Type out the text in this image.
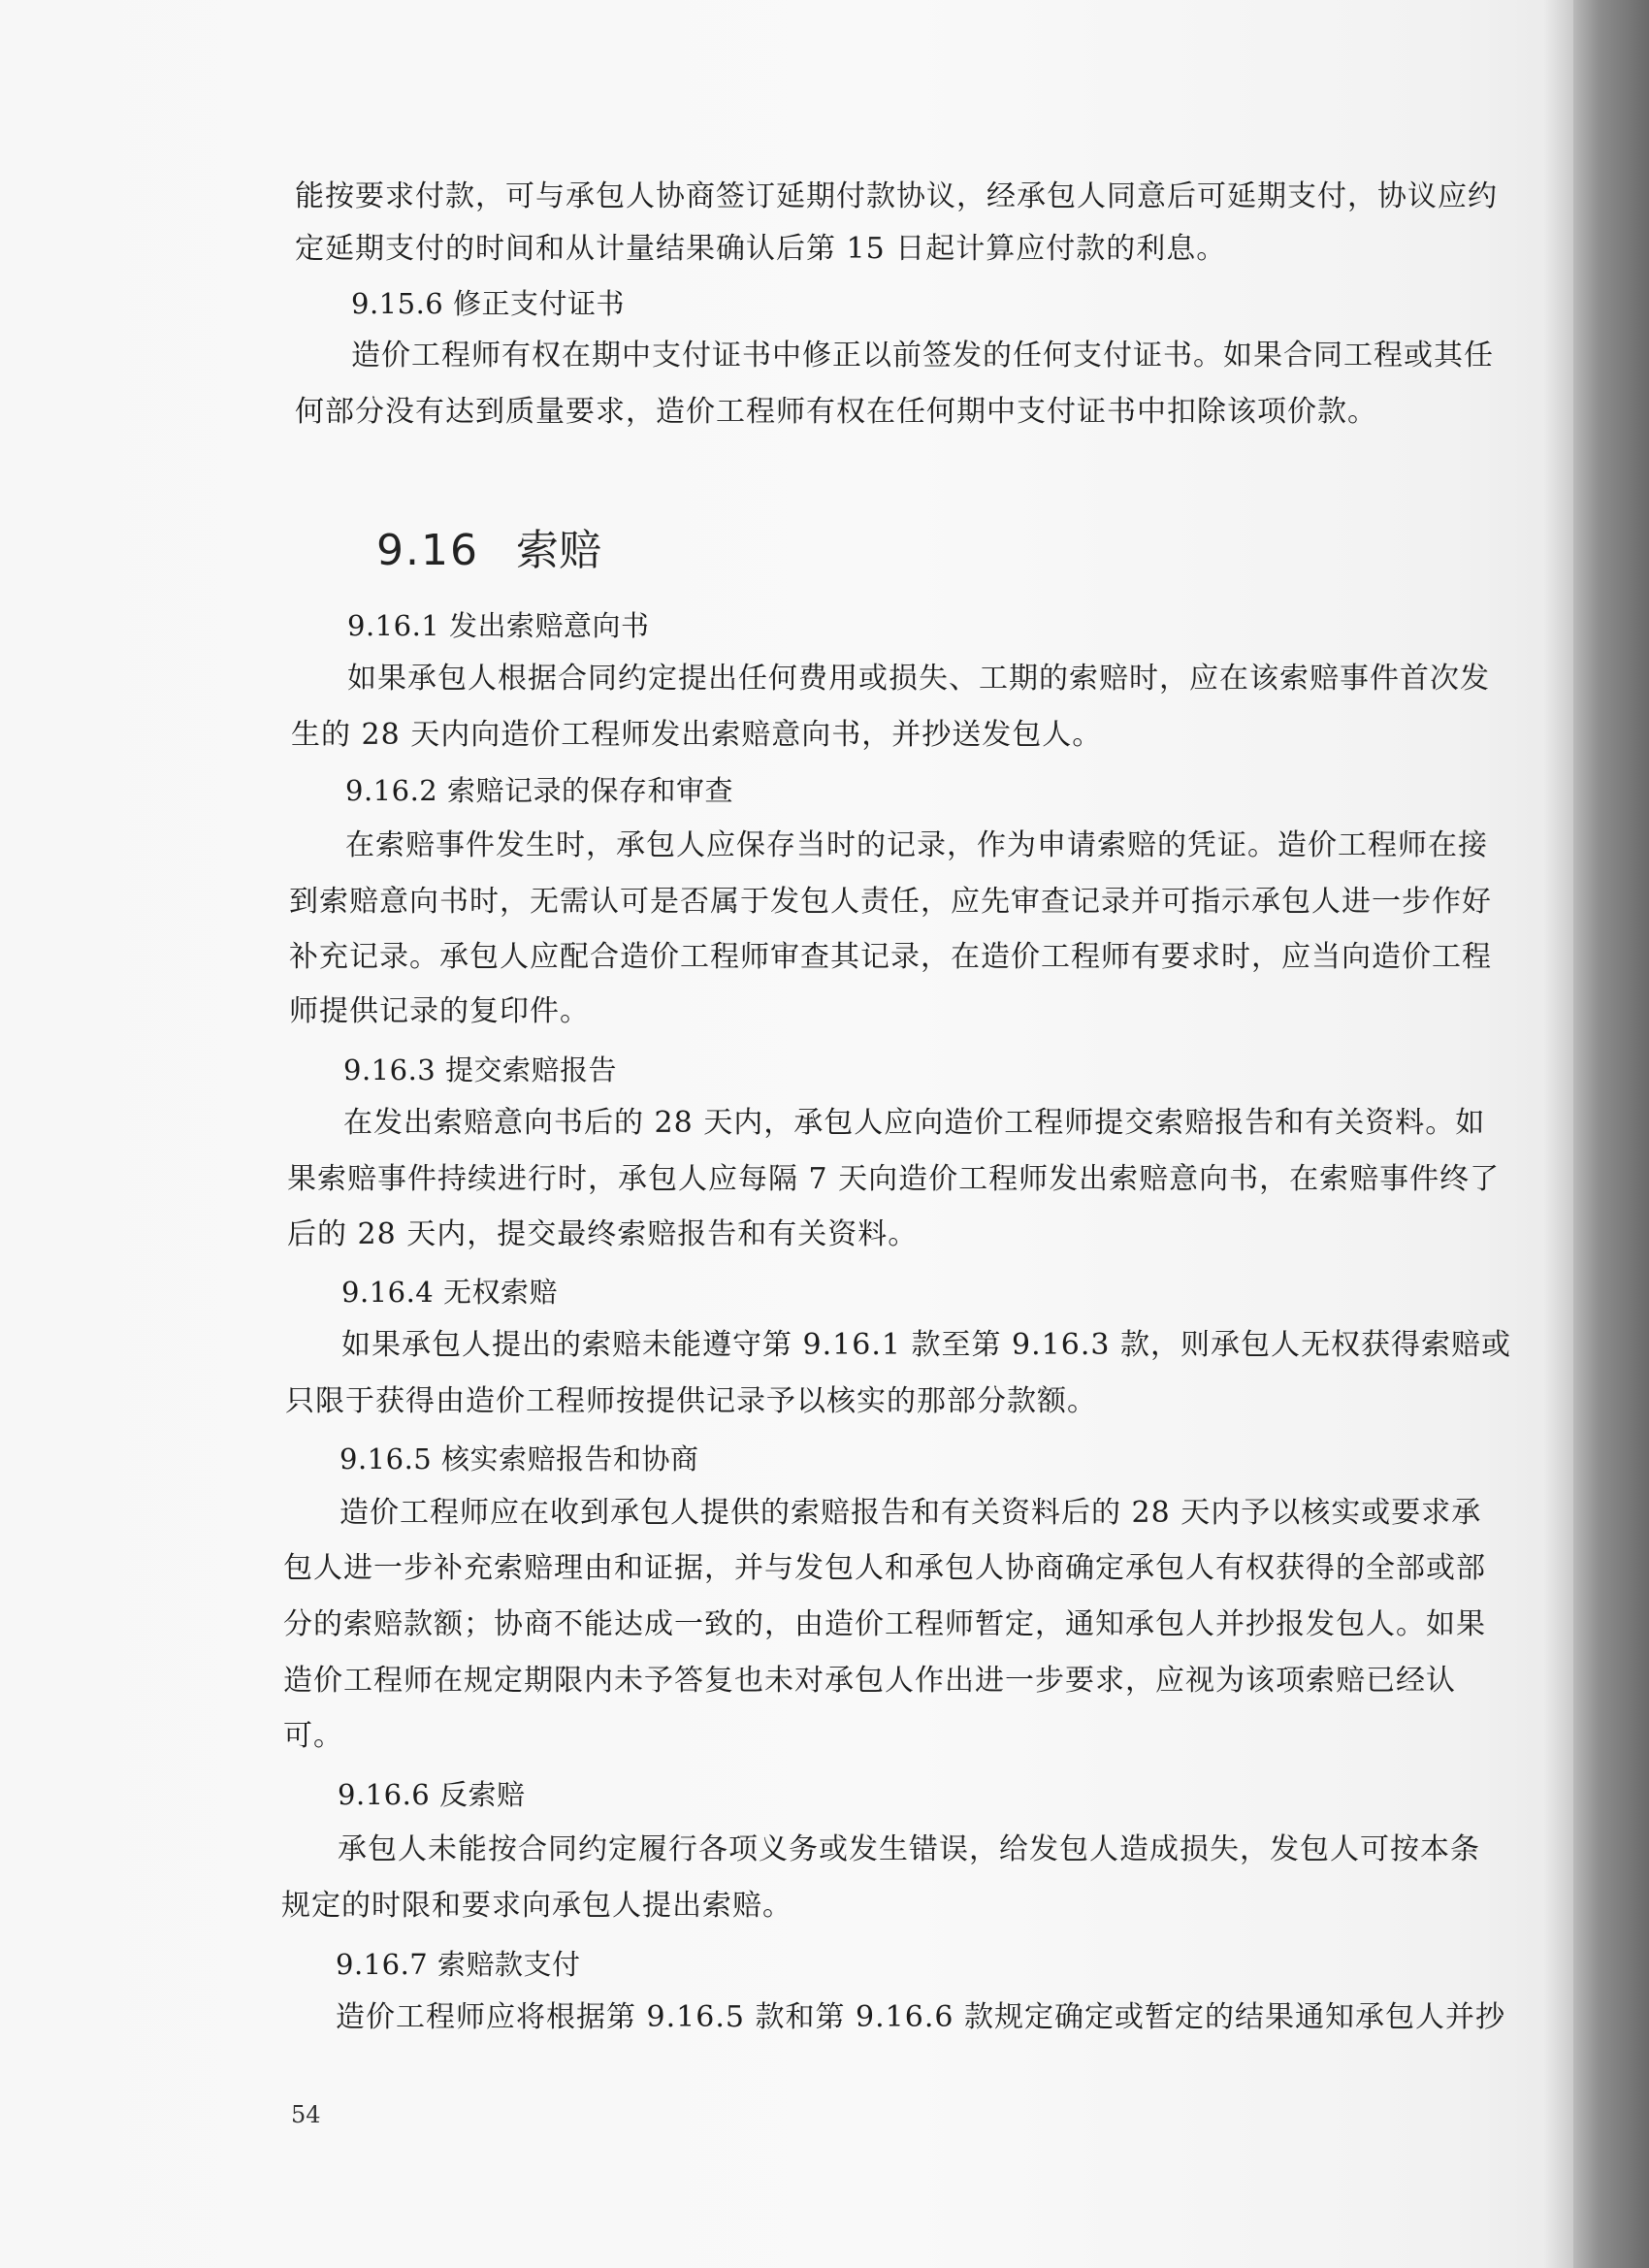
能按要求付款，可与承包人协商签订延期付款协议，经承包人同意后可延期支付，协议应约
定延期支付的时间和从计量结果确认后第 15 日起计算应付款的利息。
9.15.6 修正支付证书
造价工程师有权在期中支付证书中修正以前签发的任何支付证书。如果合同工程或其任
何部分没有达到质量要求，造价工程师有权在任何期中支付证书中扣除该项价款。
9.16 索赔
9.16.1 发出索赔意向书
如果承包人根据合同约定提出任何费用或损失、工期的索赔时，应在该索赔事件首次发
生的 28 天内向造价工程师发出索赔意向书，并抄送发包人。
9.16.2 索赔记录的保存和审查
在索赔事件发生时，承包人应保存当时的记录，作为申请索赔的凭证。造价工程师在接
到索赔意向书时，无需认可是否属于发包人责任，应先审查记录并可指示承包人进一步作好
补充记录。承包人应配合造价工程师审查其记录，在造价工程师有要求时，应当向造价工程
师提供记录的复印件。
9.16.3 提交索赔报告
在发出索赔意向书后的 28 天内，承包人应向造价工程师提交索赔报告和有关资料。如
果索赔事件持续进行时，承包人应每隔 7 天向造价工程师发出索赔意向书，在索赔事件终了
后的 28 天内，提交最终索赔报告和有关资料。
9.16.4 无权索赔
如果承包人提出的索赔未能遵守第 9.16.1 款至第 9.16.3 款，则承包人无权获得索赔或
只限于获得由造价工程师按提供记录予以核实的那部分款额。
9.16.5 核实索赔报告和协商
造价工程师应在收到承包人提供的索赔报告和有关资料后的 28 天内予以核实或要求承
包人进一步补充索赔理由和证据，并与发包人和承包人协商确定承包人有权获得的全部或部
分的索赔款额；协商不能达成一致的，由造价工程师暂定，通知承包人并抄报发包人。如果
造价工程师在规定期限内未予答复也未对承包人作出进一步要求，应视为该项索赔已经认
可。
9.16.6 反索赔
承包人未能按合同约定履行各项义务或发生错误，给发包人造成损失，发包人可按本条
规定的时限和要求向承包人提出索赔。
9.16.7 索赔款支付
造价工程师应将根据第 9.16.5 款和第 9.16.6 款规定确定或暂定的结果通知承包人并抄
54
